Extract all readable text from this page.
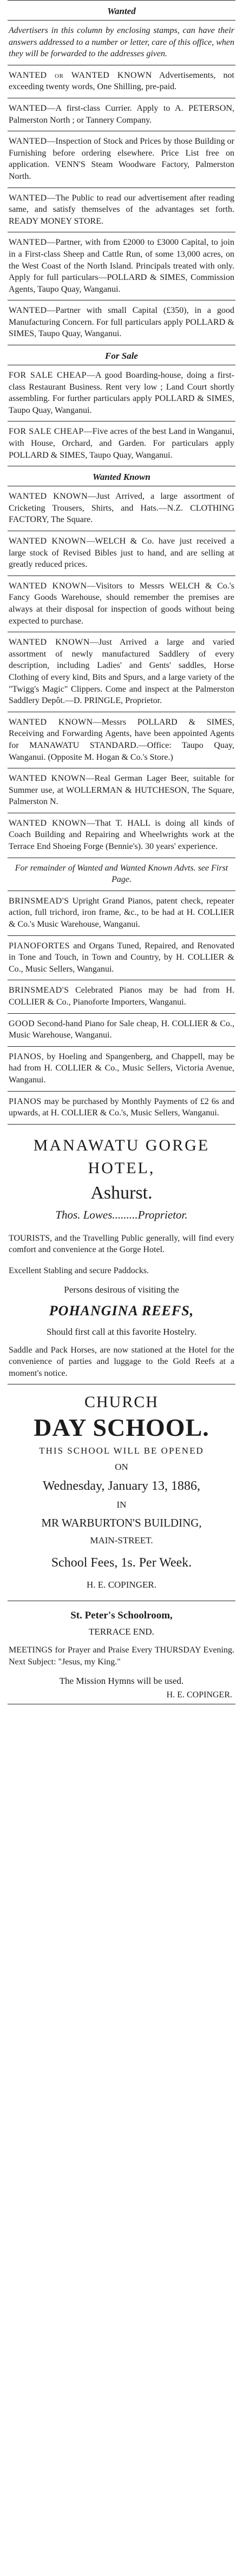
Wanted

Advertisers in this column by enclosing stamps, can have their answers addressed to a number or letter, care of this office, when they will be forwarded to the addresses given.

WANTED or WANTED KNOWN Advertisements, not exceeding twenty words, One Shilling, pre-paid.

WANTED—A first-class Currier. Apply to A. PETERSON, Palmerston North ; or Tannery Company.

WANTED—Inspection of Stock and Prices by those Building or Furnishing before ordering elsewhere. Price List free on application. VENN'S Steam Woodware Factory, Palmerston North.

WANTED—The Public to read our advertisement after reading same, and satisfy themselves of the advantages set forth. READY MONEY STORE.

WANTED—Partner, with from £2000 to £3000 Capital, to join in a First-class Sheep and Cattle Run, of some 13,000 acres, on the West Coast of the North Island. Principals treated with only. Apply for full particulars—POLLARD & SIMES, Commission Agents, Taupo Quay, Wanganui.

WANTED—Partner with small Capital (£350), in a good Manufacturing Concern. For full particulars apply POLLARD & SIMES, Taupo Quay, Wanganui.

For Sale

FOR SALE CHEAP—A good Boarding-house, doing a first-class Restaurant Business. Rent very low ; Land Court shortly assembling. For further particulars apply POLLARD & SIMES, Taupo Quay, Wanganui.

FOR SALE CHEAP—Five acres of the best Land in Wanganui, with House, Orchard, and Garden. For particulars apply POLLARD & SIMES, Taupo Quay, Wanganui.

Wanted Known

WANTED KNOWN—Just Arrived, a large assortment of Cricketing Trousers, Shirts, and Hats.—N.Z. CLOTHING FACTORY, The Square.

WANTED KNOWN—WELCH & Co. have just received a large stock of Revised Bibles just to hand, and are selling at greatly reduced prices.

WANTED KNOWN—Visitors to Messrs WELCH & Co.'s Fancy Goods Warehouse, should remember the premises are always at their disposal for inspection of goods without being expected to purchase.

WANTED KNOWN—Just Arrived a large and varied assortment of newly manufactured Saddlery of every description, including Ladies' and Gents' saddles, Horse Clothing of every kind, Bits and Spurs, and a large variety of the "Twigg's Magic" Clippers. Come and inspect at the Palmerston Saddlery Depôt.—D. PRINGLE, Proprietor.

WANTED KNOWN—Messrs POLLARD & SIMES, Receiving and Forwarding Agents, have been appointed Agents for MANAWATU STANDARD.—Office: Taupo Quay, Wanganui. (Opposite M. Hogan & Co.'s Store.)

WANTED KNOWN—Real German Lager Beer, suitable for Summer use, at WOLLERMAN & HUTCHESON, The Square, Palmerston N.

WANTED KNOWN—That T. HALL is doing all kinds of Coach Building and Repairing and Wheelwrights work at the Terrace End Shoeing Forge (Bennie's). 30 years' experience.

For remainder of Wanted and Wanted Known Advts. see First Page.

BRINSMEAD'S Upright Grand Pianos, patent check, repeater action, full trichord, iron frame, &c., to be had at H. COLLIER & Co.'s Music Warehouse, Wanganui.

PIANOFORTES and Organs Tuned, Repaired, and Renovated in Tone and Touch, in Town and Country, by H. COLLIER & Co., Music Sellers, Wanganui.

BRINSMEAD'S Celebrated Pianos may be had from H. COLLIER & Co., Pianoforte Importers, Wanganui.

GOOD Second-hand Piano for Sale cheap, H. COLLIER & Co., Music Warehouse, Wanganui.

PIANOS, by Hoeling and Spangenberg, and Chappell, may be had from H. COLLIER & Co., Music Sellers, Victoria Avenue, Wanganui.

PIANOS may be purchased by Monthly Payments of £2 6s and upwards, at H. COLLIER & Co.'s, Music Sellers, Wanganui.

MANAWATU GORGE HOTEL,
Ashurst.
Thos. Lowes.........Proprietor.

TOURISTS, and the Travelling Public generally, will find every comfort and convenience at the Gorge Hotel.

Excellent Stabling and secure Paddocks.

Persons desirous of visiting the

POHANGINA REEFS,

Should first call at this favorite Hostelry.

Saddle and Pack Horses, are now stationed at the Hotel for the convenience of parties and luggage to the Gold Reefs at a moment's notice.

CHURCH
DAY SCHOOL.

THIS SCHOOL WILL BE OPENED

ON

Wednesday, January 13, 1886,

IN

MR WARBURTON'S BUILDING,

MAIN-STREET.

School Fees, 1s. Per Week.

H. E. COPINGER.

St. Peter's Schoolroom,

TERRACE END.

MEETINGS for Prayer and Praise Every THURSDAY Evening. Next Subject: "Jesus, my King."

The Mission Hymns will be used.

H. E. COPINGER.
